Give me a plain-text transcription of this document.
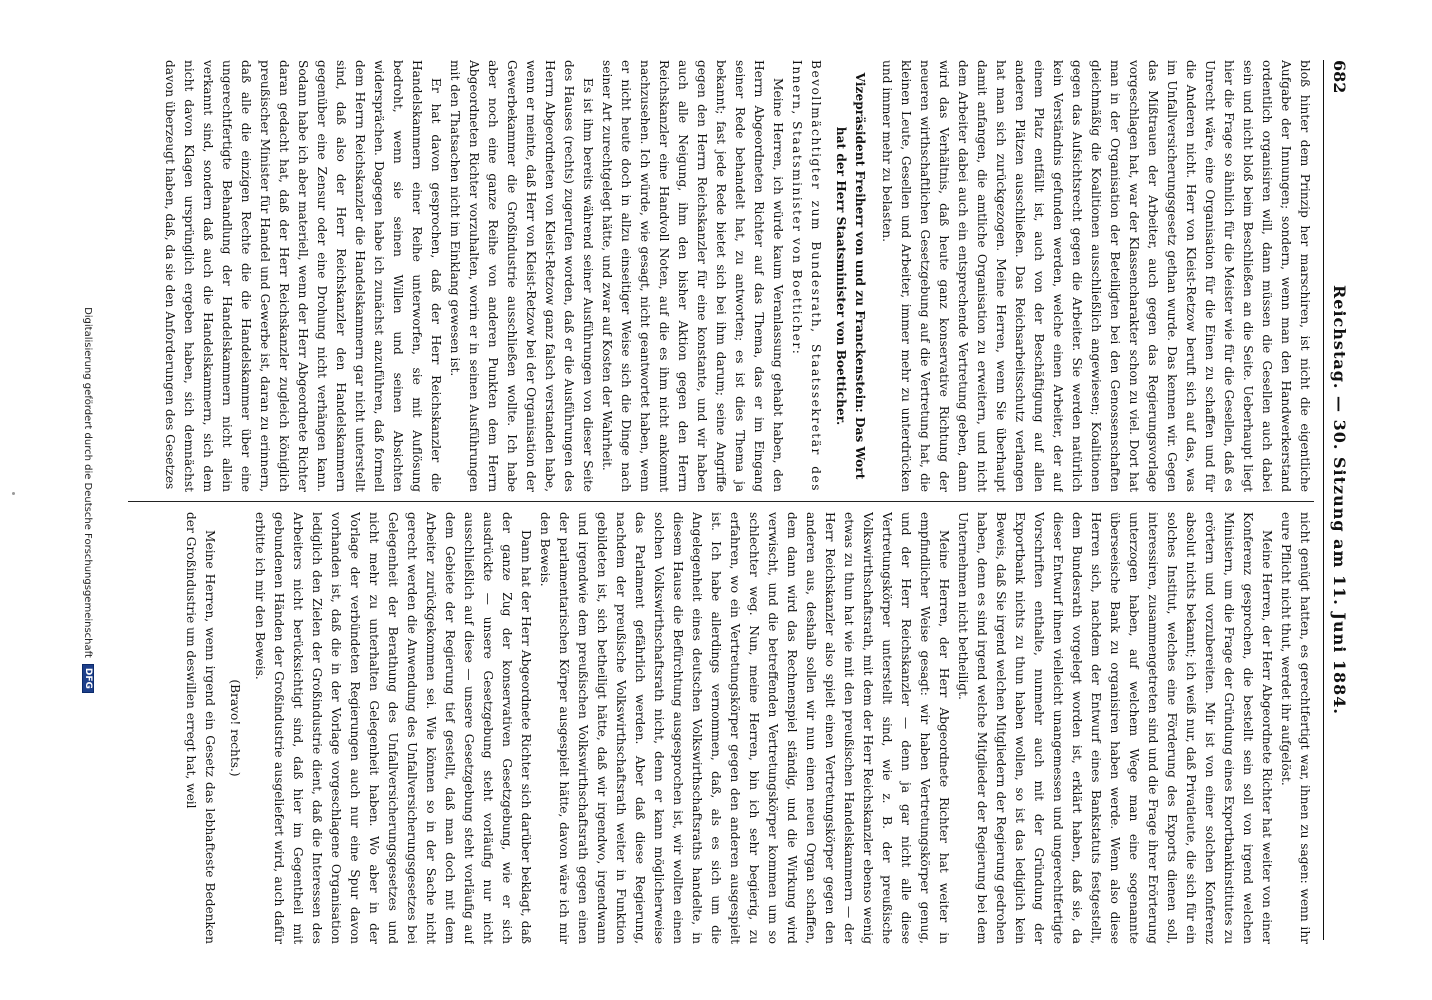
682
Reichstag. — 30. Sitzung am 11. Juni 1884.

bloß hinter dem Prinzip her marschiren, ist nicht die eigentliche Aufgabe der Innungen; sondern, wenn man den Handwerkerstand ordentlich organisiren will, dann müssen die Gesellen auch dabei sein und nicht bloß beim Beschließen an die Seite. Ueberhaupt liegt hier die Frage so ähnlich für die Meister wie für die Gesellen, daß es Unrecht wäre, eine Organisation für die Einen zu schaffen und für die Anderen nicht. Herr von Kleist-Retzow beruft sich auf das, was im Unfallversicherungsgesetz gethan wurde. Das kennen wir. Gegen das Mißtrauen der Arbeiter, auch gegen das Regierungsvorlage vorgeschlagen hat, war der Klassencharakter schon zu viel. Dort hat man in der Organisation der Beteiligten bei den Genossenschaften gleichmäßig die Koalitionen ausschließlich angewiesen; Koalitionen gegen das Aufsichtsrecht gegen die Arbeiter. Sie werden natürlich kein Verständnis gefunden werden, welche einen Arbeiter, der auf einem Platz entfällt ist, auch von der Beschäftigung auf allen anderen Plätzen ausschließen. Das Reichsarbeitsschutz verlangen hat man sich zurückgezogen. Meine Herren, wenn Sie überhaupt damit anfangen, die amtliche Organisation zu erweitern, und nicht dem Arbeiter dabei auch ein entsprechende Vertretung geben, dann wird das Verhältnis, daß heute ganz konservative Richtung der neueren wirthschaftlichen Gesetzgebung auf die Vertretung hat, die kleinen Leute, Gesellen und Arbeiter, immer mehr zu unterdrücken und immer mehr zu belasten.

Vizepräsident Freiherr von und zu Franckenstein: Das Wort hat der Herr Staatsminister von Boetticher.

Bevollmächtigter zum Bundesrath, Staatssekretär des Innern, Staatsminister von Boetticher:

Meine Herren, ich würde kaum Veranlassung gehabt haben, den Herrn Abgeordneten Richter auf das Thema, das er im Eingang seiner Rede behandelt hat, zu antworten; es ist dies Thema ja bekannt; fast jede Rede bietet sich bei ihm darum; seine Angriffe gegen den Herrn Reichskanzler für eine konstante, und wir haben auch alle Neigung, ihm den bisher Aktion gegen den Herrn Reichskanzler eine Handvoll Noten, auf die es ihm nicht ankommt nachzusehen. Ich würde, wie gesagt, nicht geantwortet haben, wenn er nicht heute doch in allzu einseitiger Weise sich die Dinge nach seiner Art zurechtgelegt hätte, und zwar auf Kosten der Wahrheit.

Es ist ihm bereits während seiner Ausführungen von dieser Seite des Hauses (rechts) zugerufen worden, daß er die Ausführungen des Herrn Abgeordneten von Kleist-Retzow ganz falsch verstanden habe, wenn er meinte, daß Herr von Kleist-Retzow bei der Organisation der Gewerbekammer die Großindustrie ausschließen wollte. Ich habe aber noch eine ganze Reihe von anderen Punkten dem Herrn Abgeordneten Richter vorzuhalten, worin er in seinen Ausführungen mit den Thatsachen nicht im Einklang gewesen ist.

Er hat davon gesprochen, daß der Herr Reichskanzler die Handelskammern einer Reihe unterworfen, sie mit Auflösung bedroht, wenn sie seinen Willen und seinen Absichten widersprächen. Dagegen habe ich zunächst anzuführen, daß formell dem Herrn Reichskanzler die Handelskammern gar nicht unterstellt sind, daß also der Herr Reichskanzler den Handelskammern gegenüber eine Zensur oder eine Drohung nicht verhängen kann. Sodann habe ich aber materiell, wenn der Herr Abgeordnete Richter daran gedacht hat, daß der Herr Reichskanzler zugleich königlich preußischer Minister für Handel und Gewerbe ist, daran zu erinnern, daß alle die einzigen Rechte die die Handelskammer über eine ungerechtfertigte Behandlung der Handelskammern nicht allein verkannt sind, sondern daß auch die Handelskammern, sich dem nicht davon Klagen ursprünglich ergeben haben, sich demnächst davon überzeugt haben, daß, da sie den Anforderungen des Gesetzes

nicht genügt hatten, es gerechtfertigt war, ihnen zu sagen: wenn ihr eure Pflicht nicht thut, werdet ihr aufgelöst.

Meine Herren, der Herr Abgeordnete Richter hat weiter von einer Konferenz gesprochen, die bestellt sein soll von irgend welchen Ministern, um die Frage der Gründung eines Exportbankinstitutes zu erörtern und vorzubereiten. Mir ist von einer solchen Konferenz absolut nichts bekannt; ich weiß nur, daß Privatleute, die sich für ein solches Institut, welches eine Förderung des Exports dienen soll, interessiren, zusammengetreten sind und die Frage ihrer Erörterung unterzogen haben, auf welchem Wege man eine sogenannte überseeische Bank zu organisiren haben werde. Wenn also diese Herren sich, nachdem der Entwurf eines Bankstatuts festgestellt, dem Bundesrath vorgelegt worden ist, erklärt haben, daß sie, da dieser Entwurf ihnen vielleicht unangemessen und ungerechtfertigte Vorschriften enthalte, nunmehr auch mit der Gründung der Exportbank nichts zu thun haben wollen, so ist das lediglich kein Beweis, daß Sie irgend welchen Mitgliedern der Regierung gedrohen haben, denn es sind irgend welche Mitglieder der Regierung bei dem Unternehmen nicht betheiligt.

Meine Herren, der Herr Abgeordnete Richter hat weiter in empfindlicher Weise gesagt: wir haben Vertretungskörper genug, und der Herr Reichskanzler — denn ja gar nicht alle diese Vertretungskörper unterstellt sind, wie z. B. der preußische Volkswirthschaftsrath, mit dem der Herr Reichskanzler ebenso wenig etwas zu thun hat wie mit den preußischen Handelskammern — der Herr Reichskanzler also spielt einen Vertretungskörper gegen den anderen aus, deshalb sollen wir nun einen neuen Organ schaffen, dem dann wird das Rechnenspiel ständig, und die Wirkung wird verwischt, und die betreffenden Vertretungskörper kommen um so schlechter weg. Nun, meine Herren, bin ich sehr begierig, zu erfahren, wo ein Vertretungskörper gegen den anderen ausgespielt ist. Ich habe allerdings vernommen, daß, als es sich um die Angelegenheit eines deutschen Volkswirthschaftsraths handelte, in diesem Hause die Befürchtung ausgesprochen ist, wir wollten einen solchen Volkswirthschaftsrath nicht, denn er kann möglicherweise das Parlament gefährlich werden. Aber daß diese Regierung, nachdem der preußische Volkswirthschaftsrath weiter in Funktion gebildeten ist, sich betheiligt hätte, daß wir irgendwo, irgendwann und irgendwie dem preußischen Volkswirthschaftsrath gegen einen der parlamentarischen Körper ausgespielt hätte, davon wäre ich mir den Beweis.

Dann hat der Herr Abgeordnete Richter sich darüber beklagt, daß der ganze Zug der konservativen Gesetzgebung, wie er sich ausdrückte — unsere Gesetzgebung steht vorläufig nur nicht ausschließlich auf diese — unsere Gesetzgebung steht vorläufig auf dem Gebiete der Regierung tief gestellt, daß man doch mit dem Arbeiter zurückgekommen sei. Wie können so in der Sache nicht gerecht werden die Anwendung des Unfallversicherungsgesetzes bei Gelegenheit der Berathung des Unfallversicherungsgesetzes und nicht mehr zu unterhalten Gelegenheit haben. Wo aber in der Vorlage der verbündeten Regierungen auch nur eine Spur davon vorhanden ist, daß die in der Vorlage vorgeschlagene Organisation lediglich den Zielen der Großindustrie dient, daß die Interessen des Arbeiters nicht berücksichtigt sind, daß hier im Gegentheil mit gebundenen Händen der Großindustrie ausgeliefert wird, auch dafür erbitte ich mir den Beweis.

(Bravo! rechts.)

Meine Herren, wenn irgend ein Gesetz das lebhafteste Bedenken der Großindustrie um deswillen erregt hat, weil

Digitalisierung gefördert durch die Deutsche ForschungsgemeinschaftDFG
